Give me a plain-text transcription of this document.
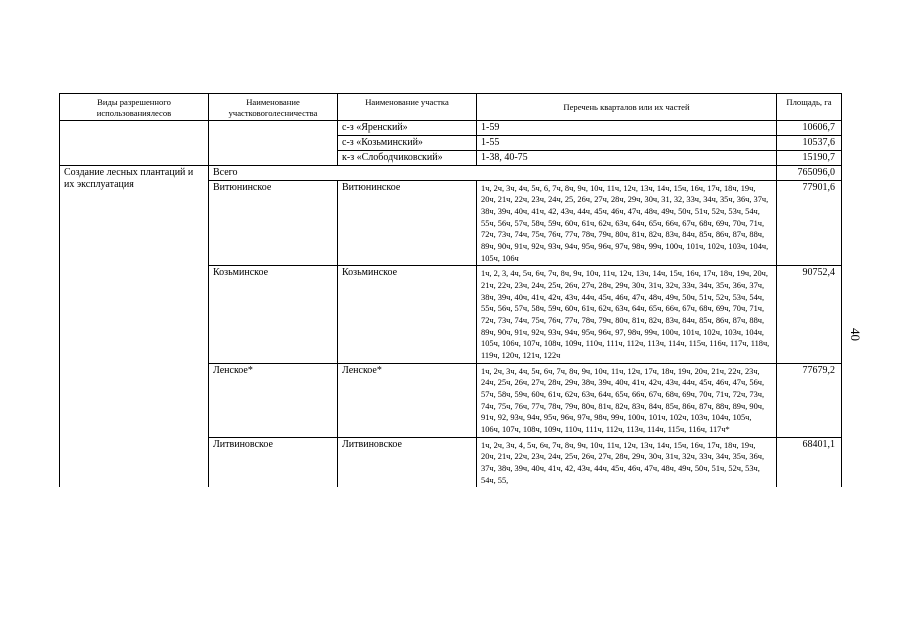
Виды разрешенного использованиялесов	Наименование участковоголесничества	Наименование участка	Перечень кварталов или их частей	Площадь, га
		с-з «Яренский»	1-59	10606,7
		с-з «Козьминский»	1-55	10537,6
		к-з «Слободчиковский»	1-38, 40-75	15190,7
Создание лесных плантаций и их эксплуатация	Всего			765096,0
	Витюнинское	Витюнинское	1ч, 2ч, 3ч, 4ч, 5ч, 6, 7ч, 8ч, 9ч, 10ч, 11ч, 12ч, 13ч, 14ч, 15ч, 16ч, 17ч, 18ч, 19ч, 20ч, 21ч, 22ч, 23ч, 24ч, 25, 26ч, 27ч, 28ч, 29ч, 30ч, 31, 32, 33ч, 34ч, 35ч, 36ч, 37ч, 38ч, 39ч, 40ч, 41ч, 42, 43ч, 44ч, 45ч, 46ч, 47ч, 48ч, 49ч, 50ч, 51ч, 52ч, 53ч, 54ч, 55ч, 56ч, 57ч, 58ч, 59ч, 60ч, 61ч, 62ч, 63ч, 64ч, 65ч, 66ч, 67ч, 68ч, 69ч, 70ч, 71ч, 72ч, 73ч, 74ч, 75ч, 76ч, 77ч, 78ч, 79ч, 80ч, 81ч, 82ч, 83ч, 84ч, 85ч, 86ч, 87ч, 88ч, 89ч, 90ч, 91ч, 92ч, 93ч, 94ч, 95ч, 96ч, 97ч, 98ч, 99ч, 100ч, 101ч, 102ч, 103ч, 104ч, 105ч, 106ч	77901,6
	Козьминское	Козьминское	1ч, 2, 3, 4ч, 5ч, 6ч, 7ч, 8ч, 9ч, 10ч, 11ч, 12ч, 13ч, 14ч, 15ч, 16ч, 17ч, 18ч, 19ч, 20ч, 21ч, 22ч, 23ч, 24ч, 25ч, 26ч, 27ч, 28ч, 29ч, 30ч, 31ч, 32ч, 33ч, 34ч, 35ч, 36ч, 37ч, 38ч, 39ч, 40ч, 41ч, 42ч, 43ч, 44ч, 45ч, 46ч, 47ч, 48ч, 49ч, 50ч, 51ч, 52ч, 53ч, 54ч, 55ч, 56ч, 57ч, 58ч, 59ч, 60ч, 61ч, 62ч, 63ч, 64ч, 65ч, 66ч, 67ч, 68ч, 69ч, 70ч, 71ч, 72ч, 73ч, 74ч, 75ч, 76ч, 77ч, 78ч, 79ч, 80ч, 81ч, 82ч, 83ч, 84ч, 85ч, 86ч, 87ч, 88ч, 89ч, 90ч, 91ч, 92ч, 93ч, 94ч, 95ч, 96ч, 97, 98ч, 99ч, 100ч, 101ч, 102ч, 103ч, 104ч, 105ч, 106ч, 107ч, 108ч, 109ч, 110ч, 111ч, 112ч, 113ч, 114ч, 115ч, 116ч, 117ч, 118ч, 119ч, 120ч, 121ч, 122ч	90752,4
	Ленское*	Ленское*	1ч, 2ч, 3ч, 4ч, 5ч, 6ч, 7ч, 8ч, 9ч, 10ч, 11ч, 12ч, 17ч, 18ч, 19ч, 20ч, 21ч, 22ч, 23ч, 24ч, 25ч, 26ч, 27ч, 28ч, 29ч, 38ч, 39ч, 40ч, 41ч, 42ч, 43ч, 44ч, 45ч, 46ч, 47ч, 56ч, 57ч, 58ч, 59ч, 60ч, 61ч, 62ч, 63ч, 64ч, 65ч, 66ч, 67ч, 68ч, 69ч, 70ч, 71ч, 72ч, 73ч, 74ч, 75ч, 76ч, 77ч, 78ч, 79ч, 80ч, 81ч, 82ч, 83ч, 84ч, 85ч, 86ч, 87ч, 88ч, 89ч, 90ч, 91ч, 92, 93ч, 94ч, 95ч, 96ч, 97ч, 98ч, 99ч, 100ч, 101ч, 102ч, 103ч, 104ч, 105ч, 106ч, 107ч, 108ч, 109ч, 110ч, 111ч, 112ч, 113ч, 114ч, 115ч, 116ч, 117ч*	77679,2
	Литвиновское	Литвиновское	1ч, 2ч, 3ч, 4, 5ч, 6ч, 7ч, 8ч, 9ч, 10ч, 11ч, 12ч, 13ч, 14ч, 15ч, 16ч, 17ч, 18ч, 19ч, 20ч, 21ч, 22ч, 23ч, 24ч, 25ч, 26ч, 27ч, 28ч, 29ч, 30ч, 31ч, 32ч, 33ч, 34ч, 35ч, 36ч, 37ч, 38ч, 39ч, 40ч, 41ч, 42, 43ч, 44ч, 45ч, 46ч, 47ч, 48ч, 49ч, 50ч, 51ч, 52ч, 53ч, 54ч, 55,	68401,1
40
